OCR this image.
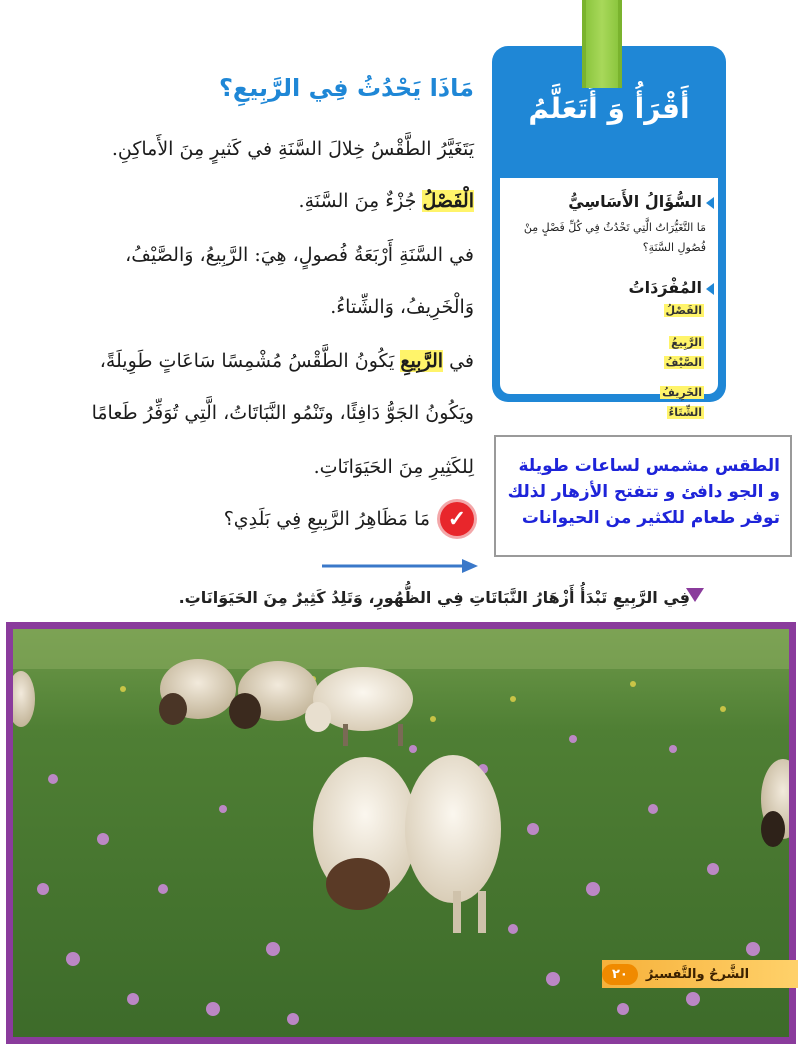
أَقْرَأُ وَ أَتَعَلَّمُ
السُّؤَالُ الأَسَاسِيُّ
مَا التَّغَيُّرَاتُ الَّتِي تَحْدُثُ فِي كُلِّ فَصْلٍ مِنْ فُصُولِ السَّنَةِ؟
المُفْرَدَاتُ
الفَصْلُ
الرَّبِيعُ
الصَّيْفُ
الخَرِيفُ
الشِّتَاءُ
مَاذَا يَحْدُثُ فِي الرَّبِيعِ؟
يَتَغَيَّرُ الطَّقْسُ خِلالَ السَّنَةِ في كَثيرٍ مِنَ الأَماكِنِ.
الْفَصْلُ جُزْءٌ مِنَ السَّنَةِ.
في السَّنَةِ أَرْبَعَةُ فُصولٍ، هِيَ: الرَّبِيعُ، وَالصَّيْفُ،
وَالْخَرِيفُ، وَالشِّتاءُ.
في الرَّبِيعِ يَكُونُ الطَّقْسُ مُشْمِسًا سَاعَاتٍ طَوِيلَةً،
ويَكُونُ الجَوُّ دَافِئًا، وتَنْمُو النَّبَاتَاتُ، الَّتِي تُوَفِّرُ طَعامًا
لِلكَثِيرِ مِنَ الحَيَوَانَاتِ.
✓
مَا مَظَاهِرُ الرَّبِيعِ فِي بَلَدِي؟
الطقس مشمس لساعات طويلة و الجو دافئ و تتفتح الأزهار لذلك توفر طعام للكثير من الحيوانات
فِي الرَّبِيعِ تَبْدَأُ أَزْهَارُ النَّبَاتَاتِ فِي الظُّهُورِ، وَتَلِدُ كَثِيرٌ مِنَ الحَيَوَانَاتِ.
الشَّرحُ والتَّفسيرُ
٢٠
